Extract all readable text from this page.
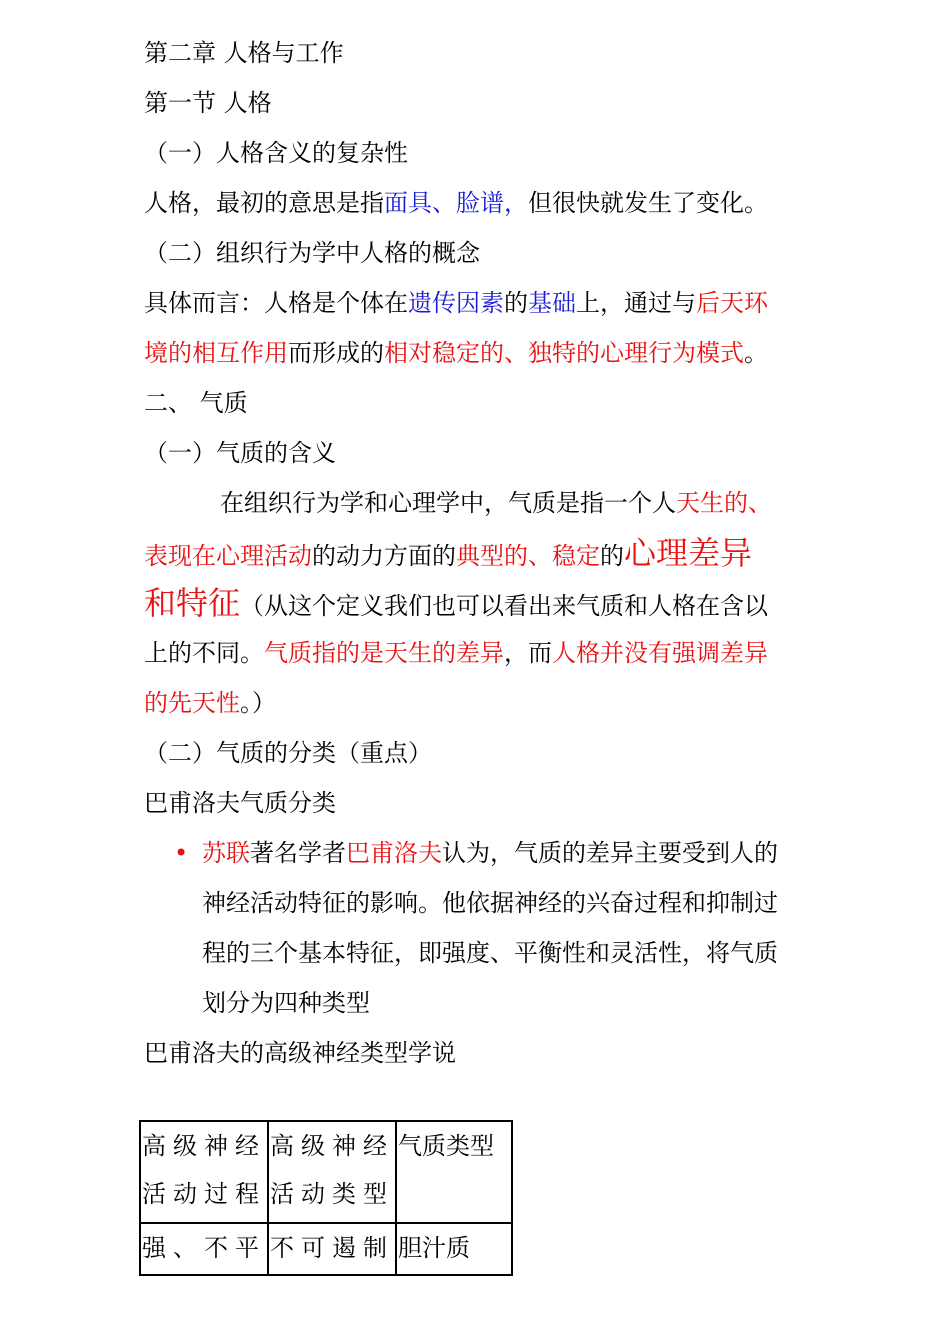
第二章 人格与工作
第一节 人格
（一）人格含义的复杂性
人格，最初的意思是指面具、脸谱，但很快就发生了变化。
（二）组织行为学中人格的概念
具体而言：人格是个体在遗传因素的基础上，通过与后天环
境的相互作用而形成的相对稳定的、独特的心理行为模式。
二、 气质
（一）气质的含义
在组织行为学和心理学中，气质是指一个人天生的、
表现在心理活动的动力方面的典型的、稳定的心理差异
和特征（从这个定义我们也可以看出来气质和人格在含以
上的不同。气质指的是天生的差异，而人格并没有强调差异
的先天性。）
（二）气质的分类（重点）
巴甫洛夫气质分类
• 苏联著名学者巴甫洛夫认为，气质的差异主要受到人的
神经活动特征的影响。他依据神经的兴奋过程和抑制过
程的三个基本特征，即强度、平衡性和灵活性，将气质
划分为四种类型
巴甫洛夫的高级神经类型学说
高级神经活动过程	高级神经活动类型	气质类型
强、不平	不可遏制	胆汁质
